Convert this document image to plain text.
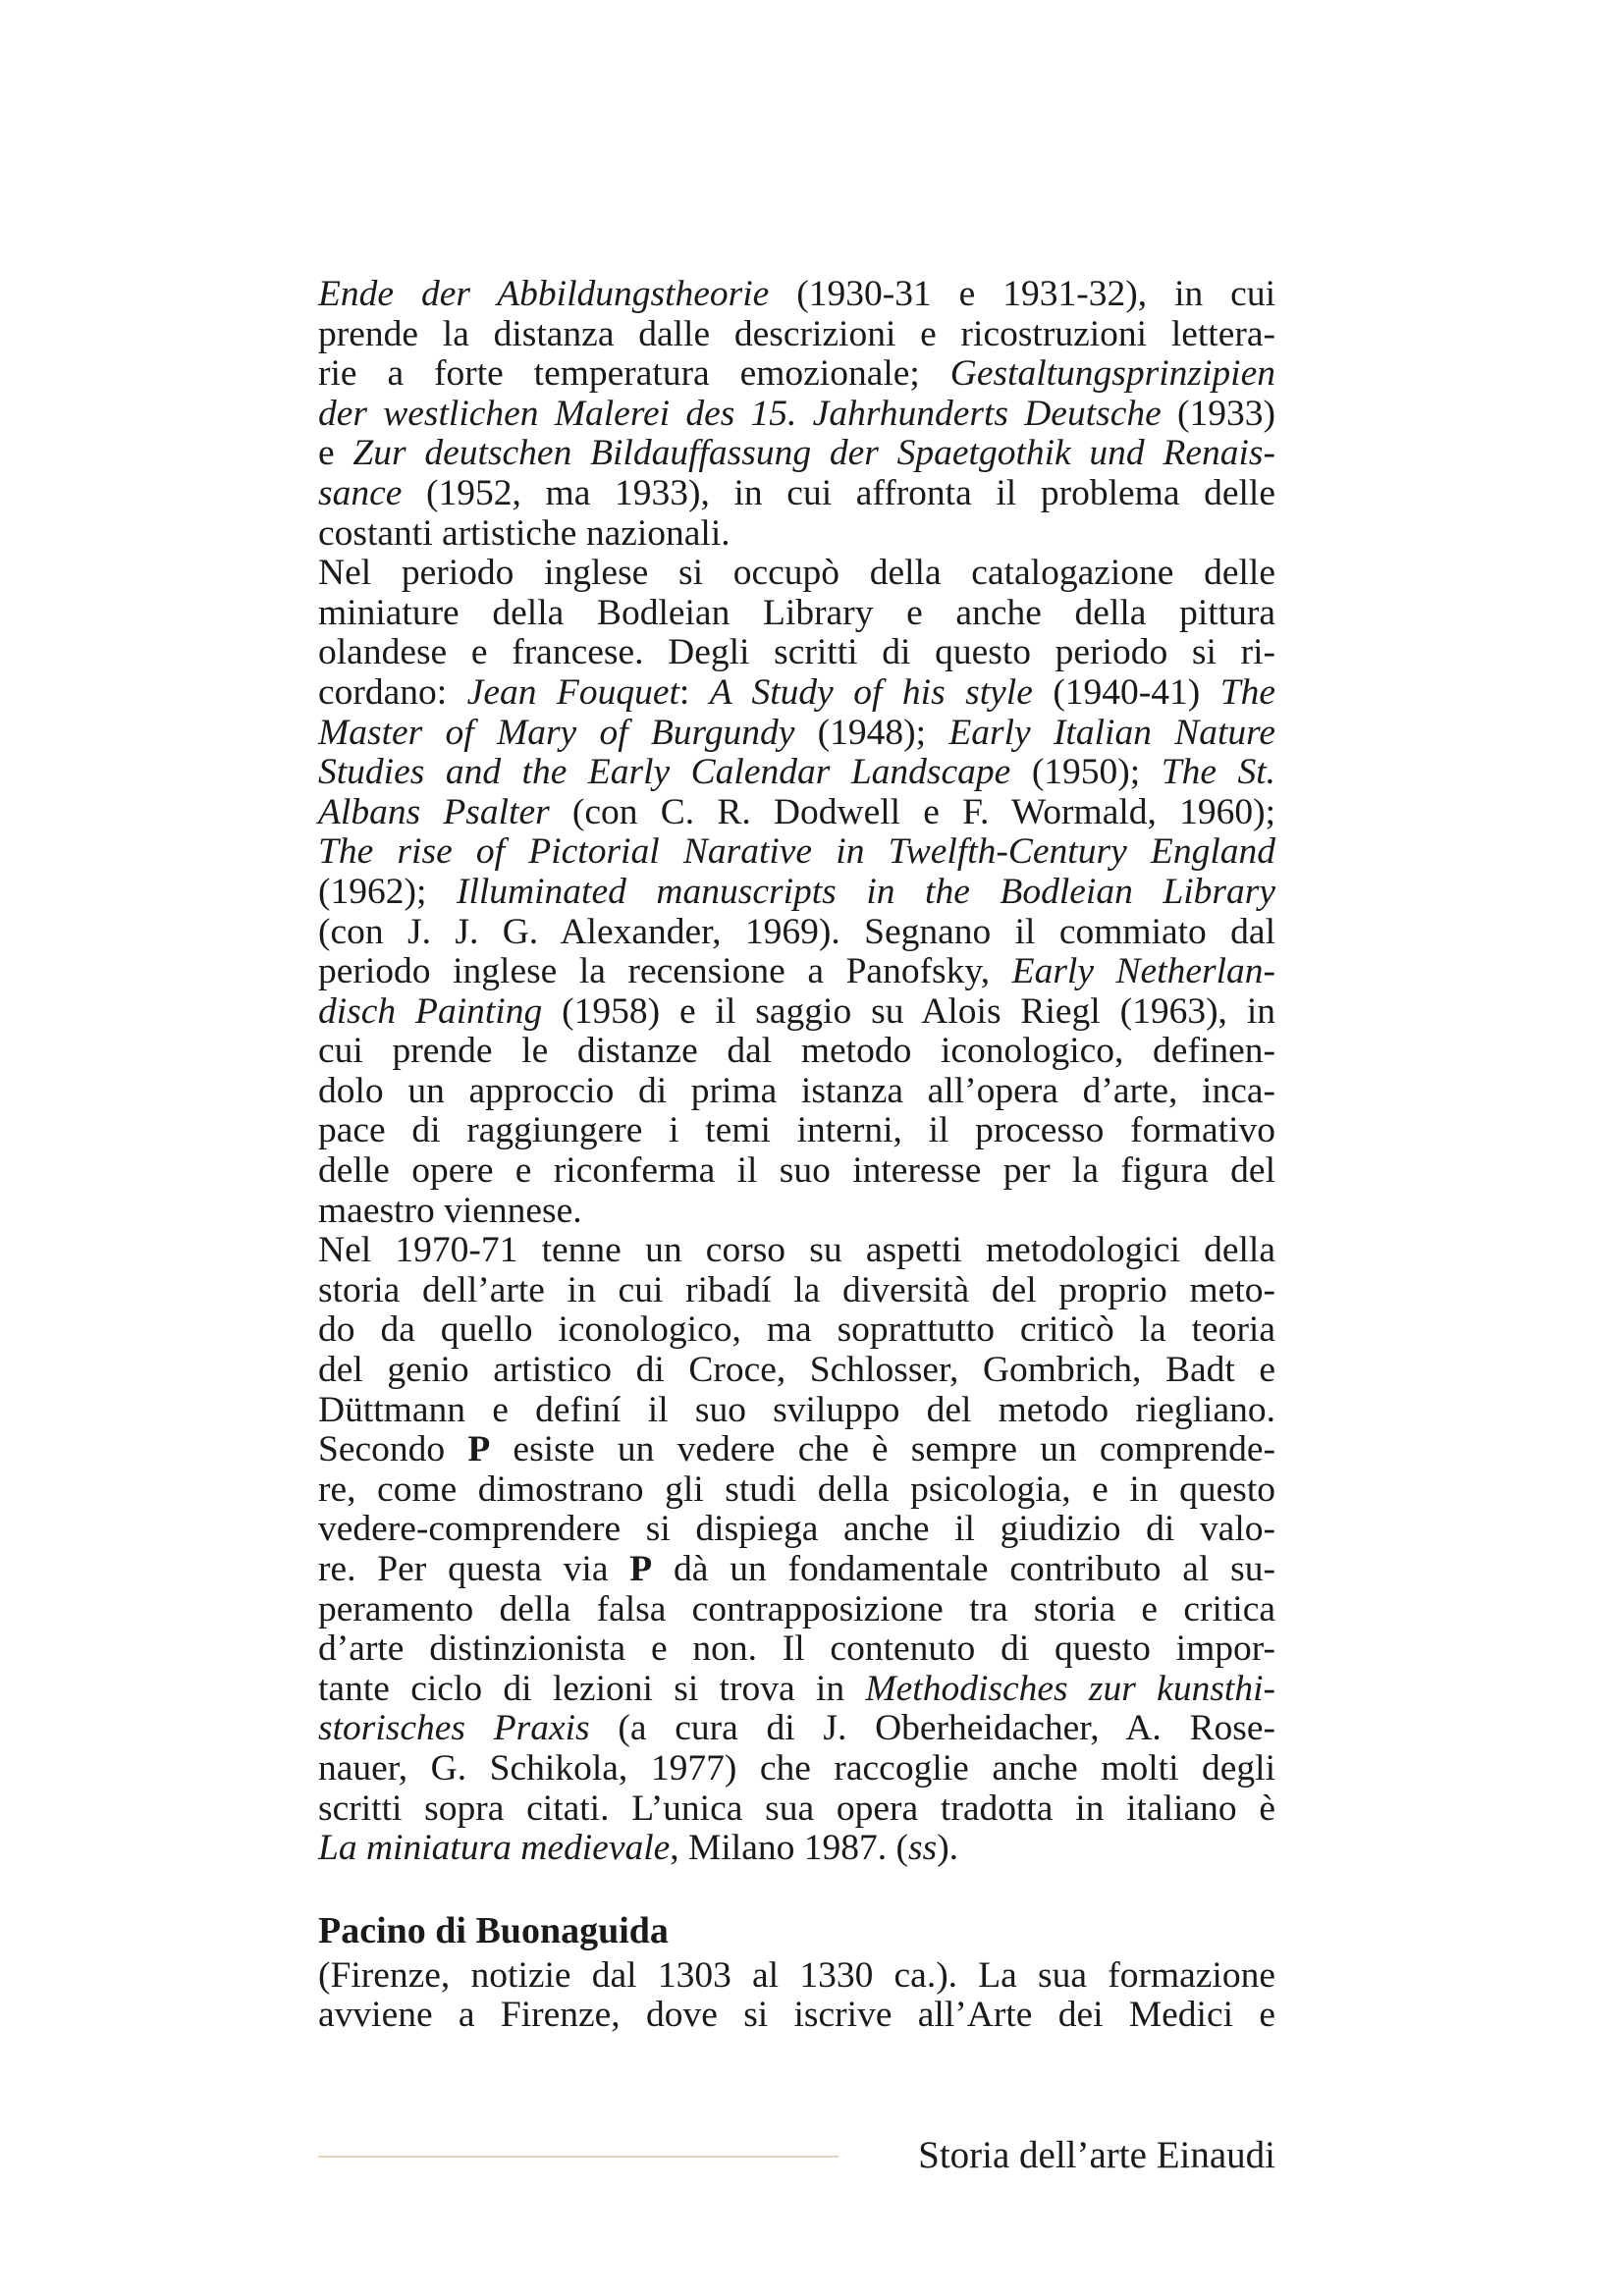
Ende der Abbildungstheorie (1930-31 e 1931-32), in cui
prende la distanza dalle descrizioni e ricostruzioni lettera-
rie a forte temperatura emozionale; Gestaltungsprinzipien
der westlichen Malerei des 15. Jahrhunderts Deutsche (1933)
e Zur deutschen Bildauffassung der Spaetgothik und Renais-
sance (1952, ma 1933), in cui affronta il problema delle
costanti artistiche nazionali.
Nel periodo inglese si occupò della catalogazione delle
miniature della Bodleian Library e anche della pittura
olandese e francese. Degli scritti di questo periodo si ri-
cordano: Jean Fouquet: A Study of his style (1940-41) The
Master of Mary of Burgundy (1948); Early Italian Nature
Studies and the Early Calendar Landscape (1950); The St.
Albans Psalter (con C. R. Dodwell e F. Wormald, 1960);
The rise of Pictorial Narative in Twelfth-Century England
(1962); Illuminated manuscripts in the Bodleian Library
(con J. J. G. Alexander, 1969). Segnano il commiato dal
periodo inglese la recensione a Panofsky, Early Netherlan-
disch Painting (1958) e il saggio su Alois Riegl (1963), in
cui prende le distanze dal metodo iconologico, definen-
dolo un approccio di prima istanza all’opera d’arte, inca-
pace di raggiungere i temi interni, il processo formativo
delle opere e riconferma il suo interesse per la figura del
maestro viennese.
Nel 1970-71 tenne un corso su aspetti metodologici della
storia dell’arte in cui ribadí la diversità del proprio meto-
do da quello iconologico, ma soprattutto criticò la teoria
del genio artistico di Croce, Schlosser, Gombrich, Badt e
Düttmann e definí il suo sviluppo del metodo riegliano.
Secondo P esiste un vedere che è sempre un comprende-
re, come dimostrano gli studi della psicologia, e in questo
vedere-comprendere si dispiega anche il giudizio di valo-
re. Per questa via P dà un fondamentale contributo al su-
peramento della falsa contrapposizione tra storia e critica
d’arte distinzionista e non. Il contenuto di questo impor-
tante ciclo di lezioni si trova in Methodisches zur kunsthi-
storisches Praxis (a cura di J. Oberheidacher, A. Rose-
nauer, G. Schikola, 1977) che raccoglie anche molti degli
scritti sopra citati. L’unica sua opera tradotta in italiano è
La miniatura medievale, Milano 1987. (ss).
Pacino di Buonaguida
(Firenze, notizie dal 1303 al 1330 ca.). La sua formazione
avviene a Firenze, dove si iscrive all’Arte dei Medici e
Storia dell’arte Einaudi
